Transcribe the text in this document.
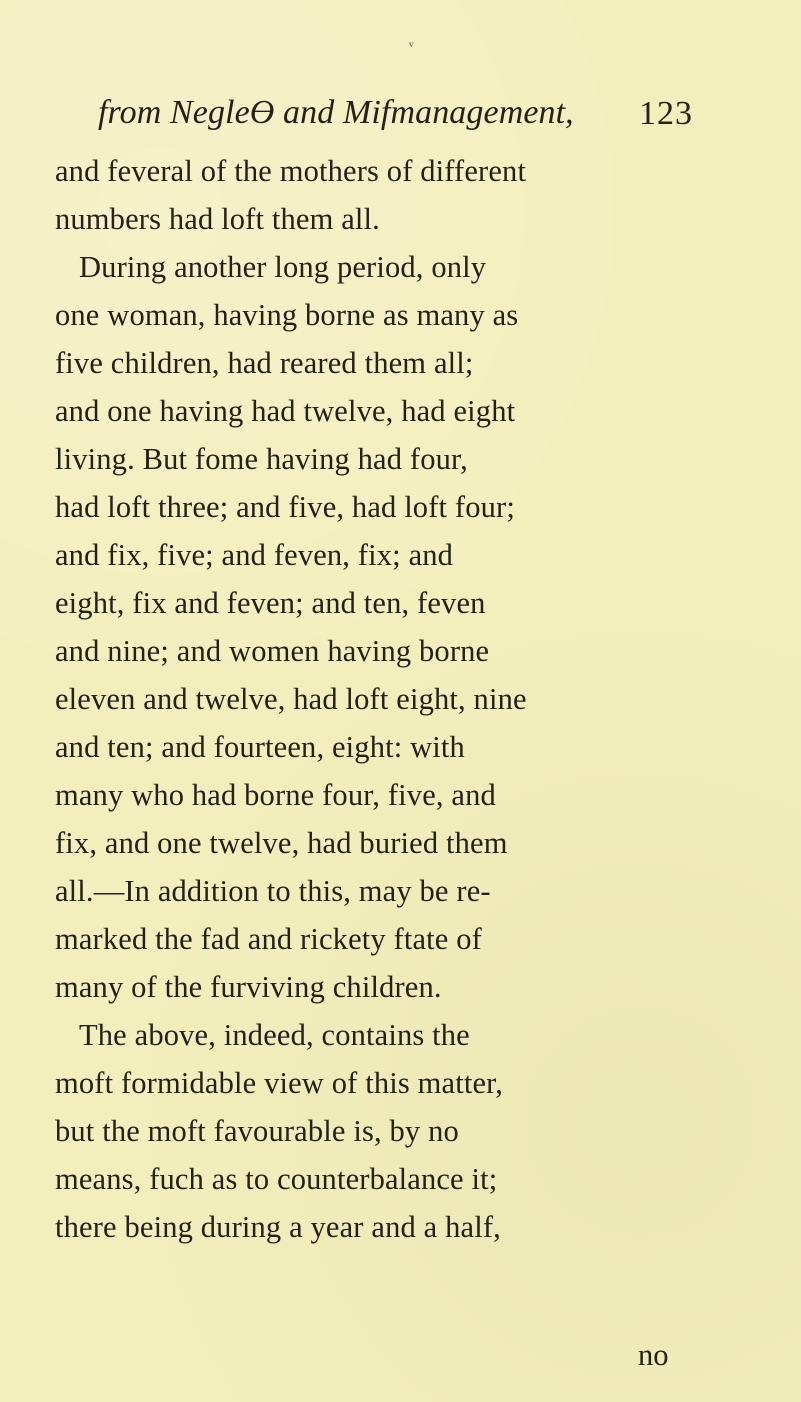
ᵛ
from NegleƟ and Mifmanagement, 123
and feveral of the mothers of different
numbers had loft them all.
During another long period, only
one woman, having borne as many as
five children, had reared them all;
and one having had twelve, had eight
living. But fome having had four,
had loft three; and five, had loft four;
and fix, five; and feven, fix; and
eight, fix and feven; and ten, feven
and nine; and women having borne
eleven and twelve, had loft eight, nine
and ten; and fourteen, eight: with
many who had borne four, five, and
fix, and one twelve, had buried them
all.—In addition to this, may be re-
marked the fad and rickety ftate of
many of the furviving children.
The above, indeed, contains the
moft formidable view of this matter,
but the moft favourable is, by no
means, fuch as to counterbalance it;
there being during a year and a half,
no
